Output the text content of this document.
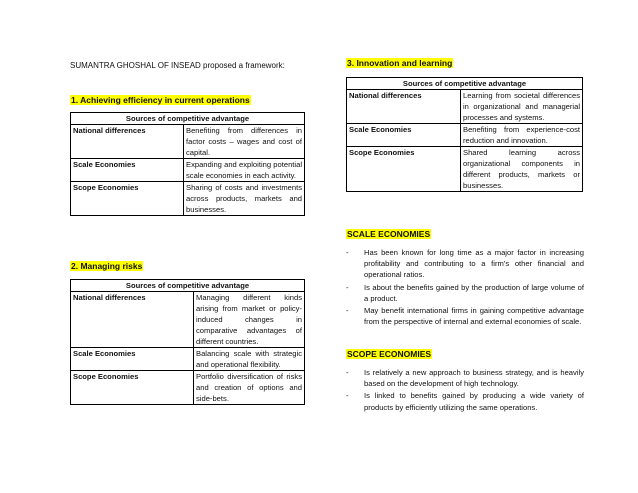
SUMANTRA GHOSHAL OF INSEAD proposed a framework:
1. Achieving efficiency in current operations
Sources of competitive advantage	
National differences	Benefiting from differences in factor costs – wages and cost of capital.
Scale Economies	Expanding and exploiting potential scale economies in each activity.
Scope Economies	Sharing of costs and investments across products, markets and businesses.
2. Managing risks
Sources of competitive advantage	
National differences	Managing different kinds arising from market or policy-induced changes in comparative advantages of different countries.
Scale Economies	Balancing scale with strategic and operational flexibility.
Scope Economies	Portfolio diversification of risks and creation of options and side-bets.
3. Innovation and learning
Sources of competitive advantage	
National differences	Learning from societal differences in organizational and managerial processes and systems.
Scale Economies	Benefiting from experience-cost reduction and innovation.
Scope Economies	Shared learning across organizational components in different products, markets or businesses.
SCALE ECONOMIES
- Has been known for long time as a major factor in increasing profitability and contributing to a firm’s other financial and operational ratios.
- Is about the benefits gained by the production of large volume of a product.
- May benefit international firms in gaining competitive advantage from the perspective of internal and external economies of scale.
SCOPE ECONOMIES
- Is relatively a new approach to business strategy, and is heavily based on the development of high technology.
- Is linked to benefits gained by producing a wide variety of products by efficiently utilizing the same operations.
